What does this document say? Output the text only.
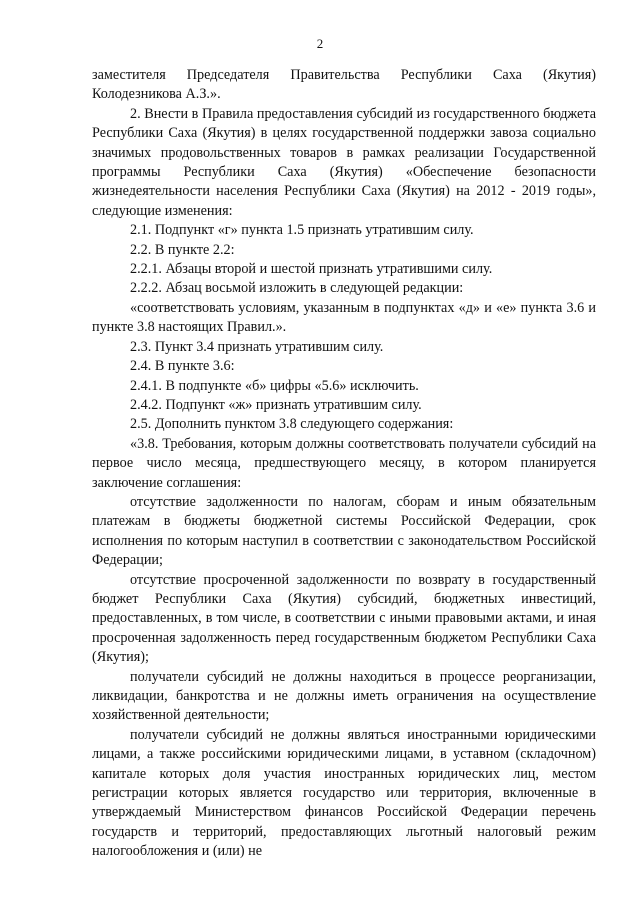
2

заместителя Председателя Правительства Республики Саха (Якутия) Колодезникова А.З.».

2. Внести в Правила предоставления субсидий из государственного бюджета Республики Саха (Якутия) в целях государственной поддержки завоза социально значимых продовольственных товаров в рамках реализации Государственной программы Республики Саха (Якутия) «Обеспечение безопасности жизнедеятельности населения Республики Саха (Якутия) на 2012 - 2019 годы», следующие изменения:

2.1. Подпункт «г» пункта 1.5 признать утратившим силу.

2.2. В пункте 2.2:

2.2.1. Абзацы второй и шестой признать утратившими силу.

2.2.2. Абзац восьмой изложить в следующей редакции:

«соответствовать условиям, указанным в подпунктах «д» и «е» пункта 3.6 и пункте 3.8 настоящих Правил.».

2.3. Пункт 3.4 признать утратившим силу.

2.4. В пункте 3.6:

2.4.1. В подпункте «б» цифры «5.6» исключить.

2.4.2. Подпункт «ж» признать утратившим силу.

2.5. Дополнить пунктом 3.8 следующего содержания:

«3.8. Требования, которым должны соответствовать получатели субсидий на первое число месяца, предшествующего месяцу, в котором планируется заключение соглашения:

отсутствие задолженности по налогам, сборам и иным обязательным платежам в бюджеты бюджетной системы Российской Федерации, срок исполнения по которым наступил в соответствии с законодательством Российской Федерации;

отсутствие просроченной задолженности по возврату в государственный бюджет Республики Саха (Якутия) субсидий, бюджетных инвестиций, предоставленных, в том числе, в соответствии с иными правовыми актами, и иная просроченная задолженность перед государственным бюджетом Республики Саха (Якутия);

получатели субсидий не должны находиться в процессе реорганизации, ликвидации, банкротства и не должны иметь ограничения на осуществление хозяйственной деятельности;

получатели субсидий не должны являться иностранными юридическими лицами, а также российскими юридическими лицами, в уставном (складочном) капитале которых доля участия иностранных юридических лиц, местом регистрации которых является государство или территория, включенные в утверждаемый Министерством финансов Российской Федерации перечень государств и территорий, предоставляющих льготный налоговый режим налогообложения и (или) не
